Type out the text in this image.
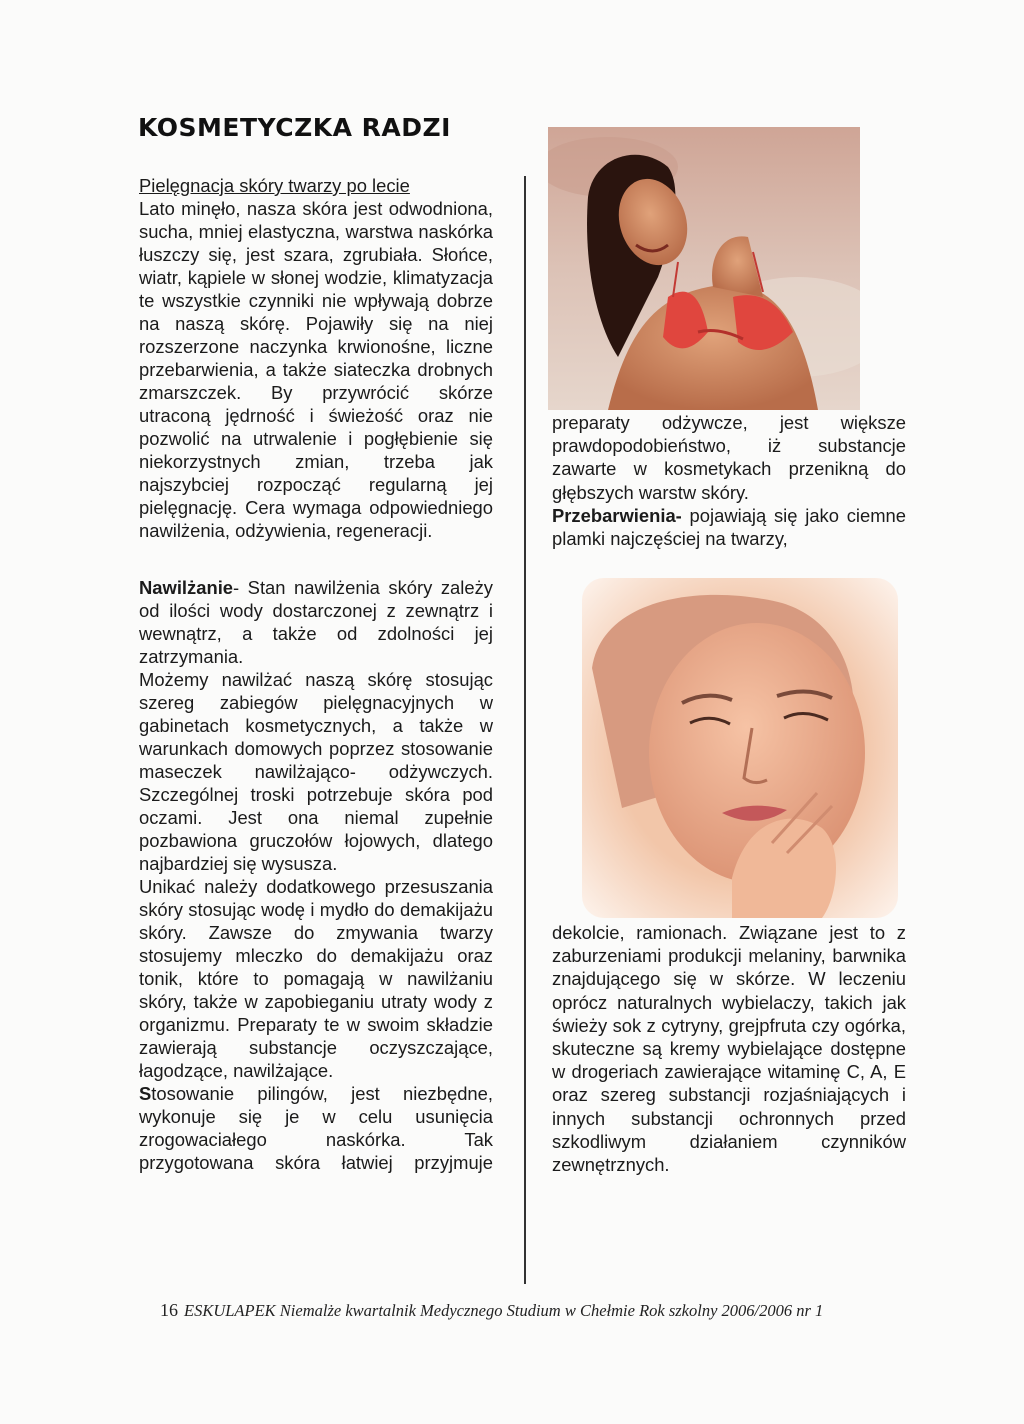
KOSMETYCZKA RADZI
Pielęgnacja skóry twarzy po lecie

Lato minęło, nasza skóra jest odwodniona, sucha, mniej elastyczna, warstwa naskórka łuszczy się, jest szara, zgrubiała. Słońce, wiatr, kąpiele w słonej wodzie, klimatyzacja te wszystkie czynniki nie wpływają dobrze na naszą skórę. Pojawiły się na niej rozszerzone naczynka krwionośne, liczne przebarwienia, a także siateczka drobnych zmarszczek. By przywrócić skórze utraconą jędrność i świeżość oraz nie pozwolić na utrwalenie i pogłębienie się niekorzystnych zmian, trzeba jak najszybciej rozpocząć regularną jej pielęgnację. Cera wymaga odpowiedniego nawilżenia, odżywienia, regeneracji.

Nawilżanie- Stan nawilżenia skóry zależy od ilości wody dostarczonej z zewnątrz i wewnątrz, a także od zdolności jej zatrzymania.

Możemy nawilżać naszą skórę stosując szereg zabiegów pielęgnacyjnych w gabinetach kosmetycznych, a także w warunkach domowych poprzez stosowanie maseczek nawilżająco- odżywczych. Szczególnej troski potrzebuje skóra pod oczami. Jest ona niemal zupełnie pozbawiona gruczołów łojowych, dlatego najbardziej się wysusza.

Unikać należy dodatkowego przesuszania skóry stosując wodę i mydło do demakijażu skóry. Zawsze do zmywania twarzy stosujemy mleczko do demakijażu oraz tonik, które to pomagają w nawilżaniu skóry, także w zapobieganiu utraty wody z organizmu. Preparaty te w swoim składzie zawierają substancje oczyszczające, łagodzące, nawilżające.

Stosowanie pilingów, jest niezbędne, wykonuje się je w celu usunięcia zrogowaciałego naskórka. Tak przygotowana skóra łatwiej przyjmuje

preparaty odżywcze, jest większe prawdopodobieństwo, iż substancje zawarte w kosmetykach przenikną do głębszych warstw skóry.

Przebarwienia- pojawiają się jako ciemne plamki najczęściej na twarzy,

dekolcie, ramionach. Związane jest to z zaburzeniami produkcji melaniny, barwnika znajdującego się w skórze. W leczeniu oprócz naturalnych wybielaczy, takich jak świeży sok z cytryny, grejpfruta czy ogórka, skuteczne są kremy wybielające dostępne w drogeriach zawierające witaminę C, A, E oraz szereg substancji rozjaśniających i innych substancji ochronnych przed szkodliwym działaniem czynników zewnętrznych.

16 ESKULAPEK Niemalże kwartalnik Medycznego Studium w Chełmie Rok szkolny 2006/2006 nr 1
